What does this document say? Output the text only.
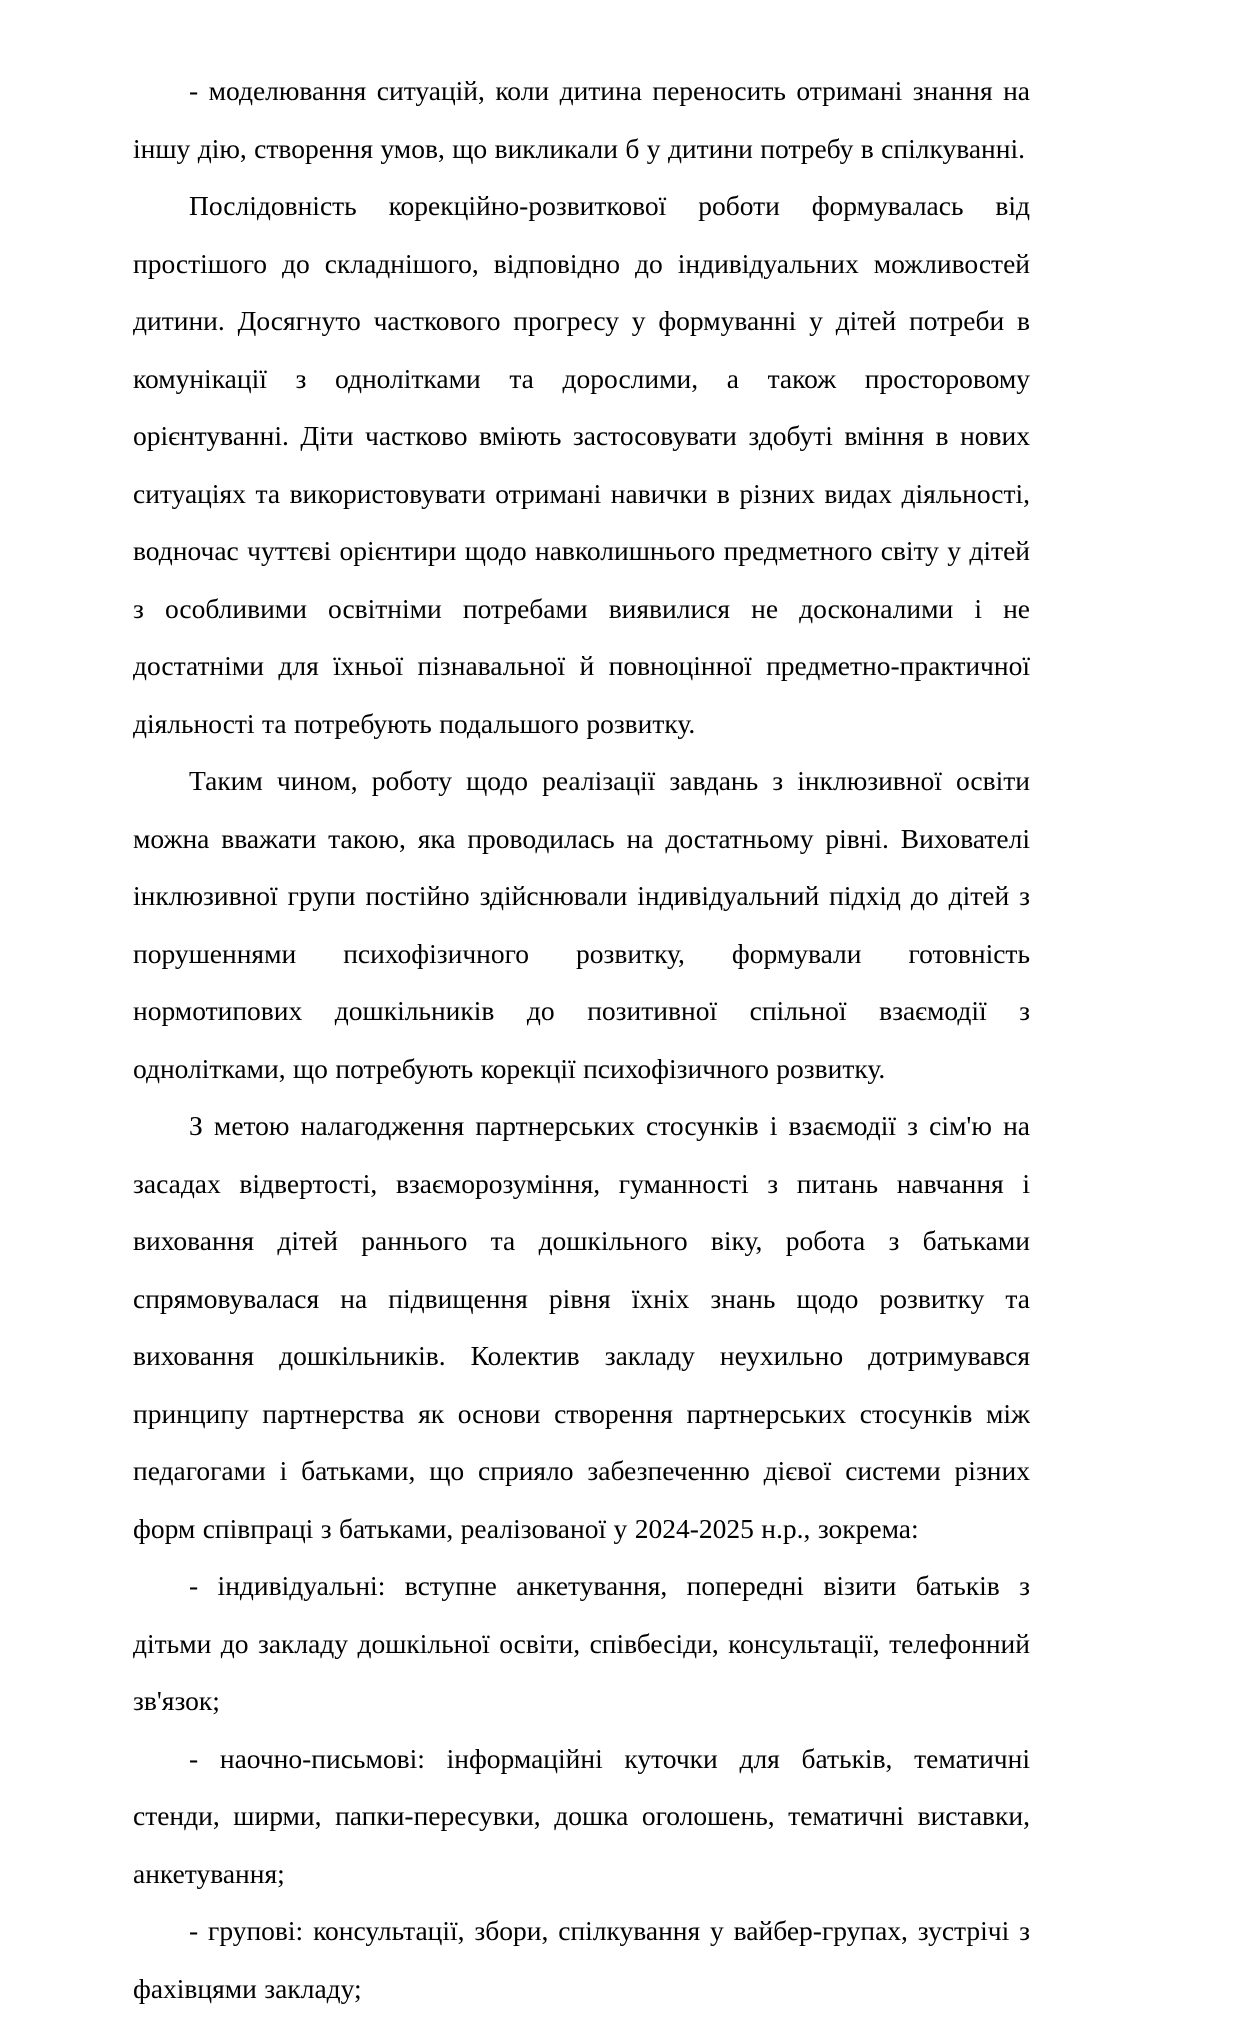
- моделювання ситуацій, коли дитина переносить отримані знання на іншу дію, створення умов, що викликали б у дитини потребу в спілкуванні.

Послідовність корекційно-розвиткової роботи формувалась від простішого до складнішого, відповідно до індивідуальних можливостей дитини. Досягнуто часткового прогресу у формуванні у дітей потреби в комунікації з однолітками та дорослими, а також просторовому орієнтуванні. Діти частково вміють застосовувати здобуті вміння в нових ситуаціях та використовувати отримані навички в різних видах діяльності, водночас чуттєві орієнтири щодо навколишнього предметного світу у дітей з особливими освітніми потребами виявилися не досконалими і не достатніми для їхньої пізнавальної й повноцінної предметно-практичної діяльності та потребують подальшого розвитку.

Таким чином, роботу щодо реалізації завдань з інклюзивної освіти можна вважати такою, яка проводилась на достатньому рівні. Вихователі інклюзивної групи постійно здійснювали індивідуальний підхід до дітей з порушеннями психофізичного розвитку, формували готовність нормотипових дошкільників до позитивної спільної взаємодії з однолітками, що потребують корекції психофізичного розвитку.

З метою налагодження партнерських стосунків і взаємодії з сім'ю на засадах відвертості, взаєморозуміння, гуманності з питань навчання і виховання дітей раннього та дошкільного віку, робота з батьками спрямовувалася на підвищення рівня їхніх знань щодо розвитку та виховання дошкільників. Колектив закладу неухильно дотримувався принципу партнерства як основи створення партнерських стосунків між педагогами і батьками, що сприяло забезпеченню дієвої системи різних форм співпраці з батьками, реалізованої у 2024-2025 н.р., зокрема:

- індивідуальні: вступне анкетування, попередні візити батьків з дітьми до закладу дошкільної освіти, співбесіди, консультації, телефонний зв'язок;

- наочно-письмові: інформаційні куточки для батьків, тематичні стенди, ширми, папки-пересувки, дошка оголошень, тематичні виставки, анкетування;

- групові: консультації, збори, спілкування у вайбер-групах, зустрічі з фахівцями закладу;
